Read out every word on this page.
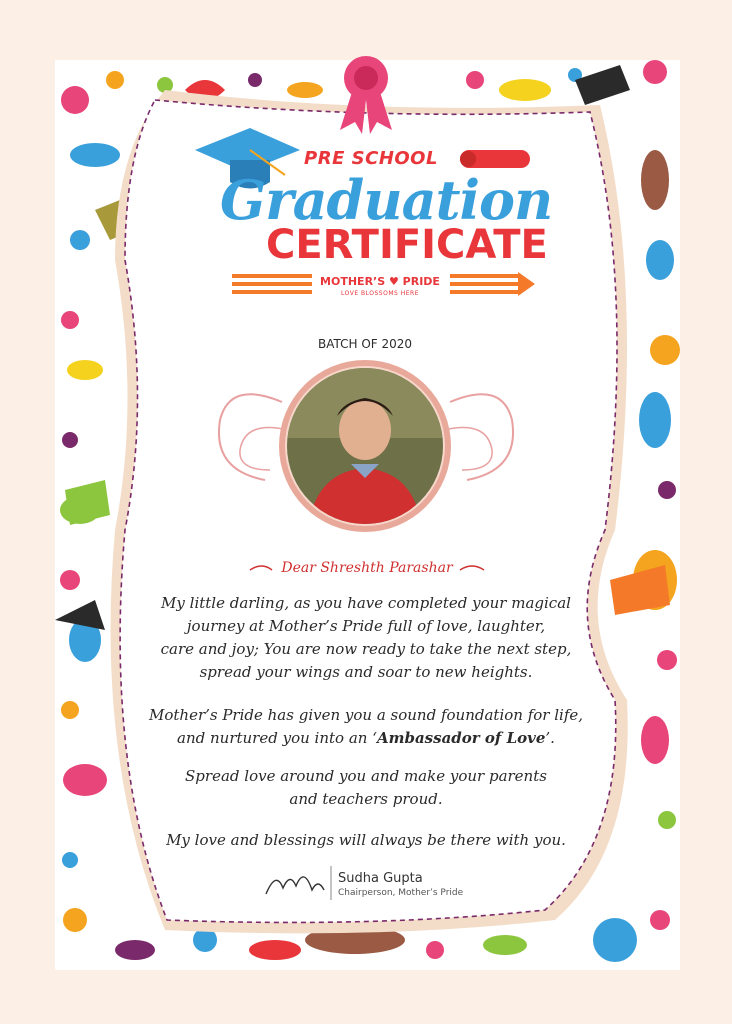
PRE SCHOOL
Graduation
CERTIFICATE
MOTHER’S ♥ PRIDE
LOVE BLOSSOMS HERE
BATCH OF 2020
Dear Shreshth Parashar
My little darling, as you have completed your magical
journey at Mother’s Pride full of love, laughter,
care and joy; You are now ready to take the next step,
spread your wings and soar to new heights.
Mother’s Pride has given you a sound foundation for life,
and nurtured you into an ‘Ambassador of Love’.
Spread love around you and make your parents
and teachers proud.
My love and blessings will always be there with you.
Sudha Gupta
Chairperson, Mother’s Pride
